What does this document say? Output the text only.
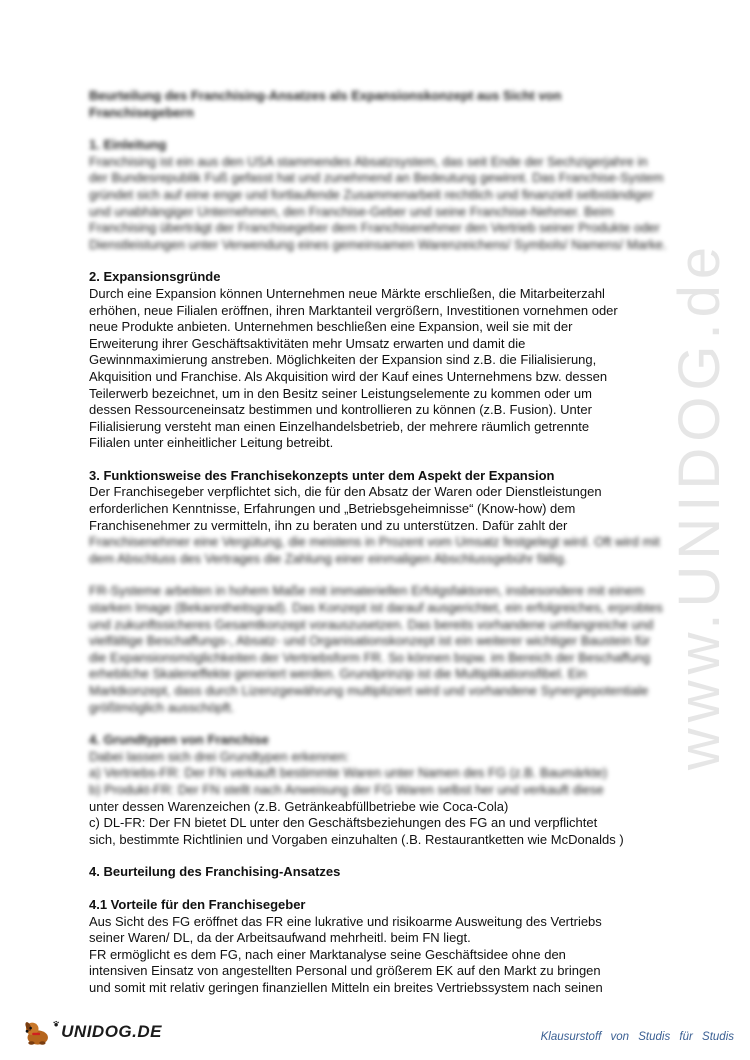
www.UNIDOG.de

Beurteilung des Franchising-Ansatzes als Expansionskonzept aus Sicht von Franchisegebern

1. Einleitung

Franchising ist ein aus den USA stammendes Absatzsystem, das seit Ende der Sechzigerjahre in der Bundesrepublik Fuß gefasst hat und zunehmend an Bedeutung gewinnt. Das Franchise-System gründet sich auf eine enge und fortlaufende Zusammenarbeit rechtlich und finanziell selbständiger und unabhängiger Unternehmen, den Franchise-Geber und seine Franchise-Nehmer. Beim Franchising überträgt der Franchisegeber dem Franchisenehmer den Vertrieb seiner Produkte oder Dienstleistungen unter Verwendung eines gemeinsamen Warenzeichens/ Symbols/ Namens/ Marke.

2. Expansionsgründe

Durch eine Expansion können Unternehmen neue Märkte erschließen, die Mitarbeiterzahl
erhöhen, neue Filialen eröffnen, ihren Marktanteil vergrößern, Investitionen vornehmen oder
neue Produkte anbieten. Unternehmen beschließen eine Expansion, weil sie mit der
Erweiterung ihrer Geschäftsaktivitäten mehr Umsatz erwarten und damit die
Gewinnmaximierung anstreben. Möglichkeiten der Expansion sind z.B. die Filialisierung,
Akquisition und Franchise. Als Akquisition wird der Kauf eines Unternehmens bzw. dessen
Teilerwerb bezeichnet, um in den Besitz seiner Leistungselemente zu kommen oder um
dessen Ressourceneinsatz bestimmen und kontrollieren zu können (z.B. Fusion). Unter
Filialisierung versteht man einen Einzelhandelsbetrieb, der mehrere räumlich getrennte
Filialen unter einheitlicher Leitung betreibt.

3. Funktionsweise des Franchisekonzepts unter dem Aspekt der Expansion

Der Franchisegeber verpflichtet sich, die für den Absatz der Waren oder Dienstleistungen
erforderlichen Kenntnisse, Erfahrungen und „Betriebsgeheimnisse“ (Know-how) dem
Franchisenehmer zu vermitteln, ihn zu beraten und zu unterstützen. Dafür zahlt der

Franchisenehmer eine Vergütung, die meistens in Prozent vom Umsatz festgelegt wird. Oft wird mit dem Abschluss des Vertrages die Zahlung einer einmaligen Abschlussgebühr fällig.

FR-Systeme arbeiten in hohem Maße mit immateriellen Erfolgsfaktoren, insbesondere mit einem starken Image (Bekanntheitsgrad). Das Konzept ist darauf ausgerichtet, ein erfolgreiches, erprobtes und zukunftssicheres Gesamtkonzept vorauszusetzen. Das bereits vorhandene umfangreiche und vielfältige Beschaffungs-, Absatz- und Organisationskonzept ist ein weiterer wichtiger Baustein für die Expansionsmöglichkeiten der Vertriebsform FR. So können bspw. im Bereich der Beschaffung erhebliche Skaleneffekte generiert werden. Grundprinzip ist die Multiplikationsfibel. Ein Marktkonzept, dass durch Lizenzgewährung multipliziert wird und vorhandene Synergiepotentiale größtmöglich ausschöpft.

4. Grundtypen von Franchise

Dabei lassen sich drei Grundtypen erkennen:
a) Vertriebs-FR: Der FN verkauft bestimmte Waren unter Namen des FG (z.B. Baumärkte)
b) Produkt-FR: Der FN stellt nach Anweisung der FG Waren selbst her und verkauft diese
unter dessen Warenzeichen (z.B. Getränkeabfüllbetriebe wie Coca-Cola)
c) DL-FR: Der FN bietet DL unter den Geschäftsbeziehungen des FG an und verpflichtet
sich, bestimmte Richtlinien und Vorgaben einzuhalten (.B. Restaurantketten wie McDonalds )

4. Beurteilung des Franchising-Ansatzes

4.1 Vorteile für den Franchisegeber

Aus Sicht des FG eröffnet das FR eine lukrative und risikoarme Ausweitung des Vertriebs
seiner Waren/ DL, da der Arbeitsaufwand mehrheitl. beim FN liegt.
FR ermöglicht es dem FG, nach einer Marktanalyse seine Geschäftsidee ohne den
intensiven Einsatz von angestellten Personal und größerem EK auf den Markt zu bringen
und somit mit relativ geringen finanziellen Mitteln ein breites Vertriebssystem nach seinen
UNIDOG.DE	Klausurstoff von Studis für Studis
